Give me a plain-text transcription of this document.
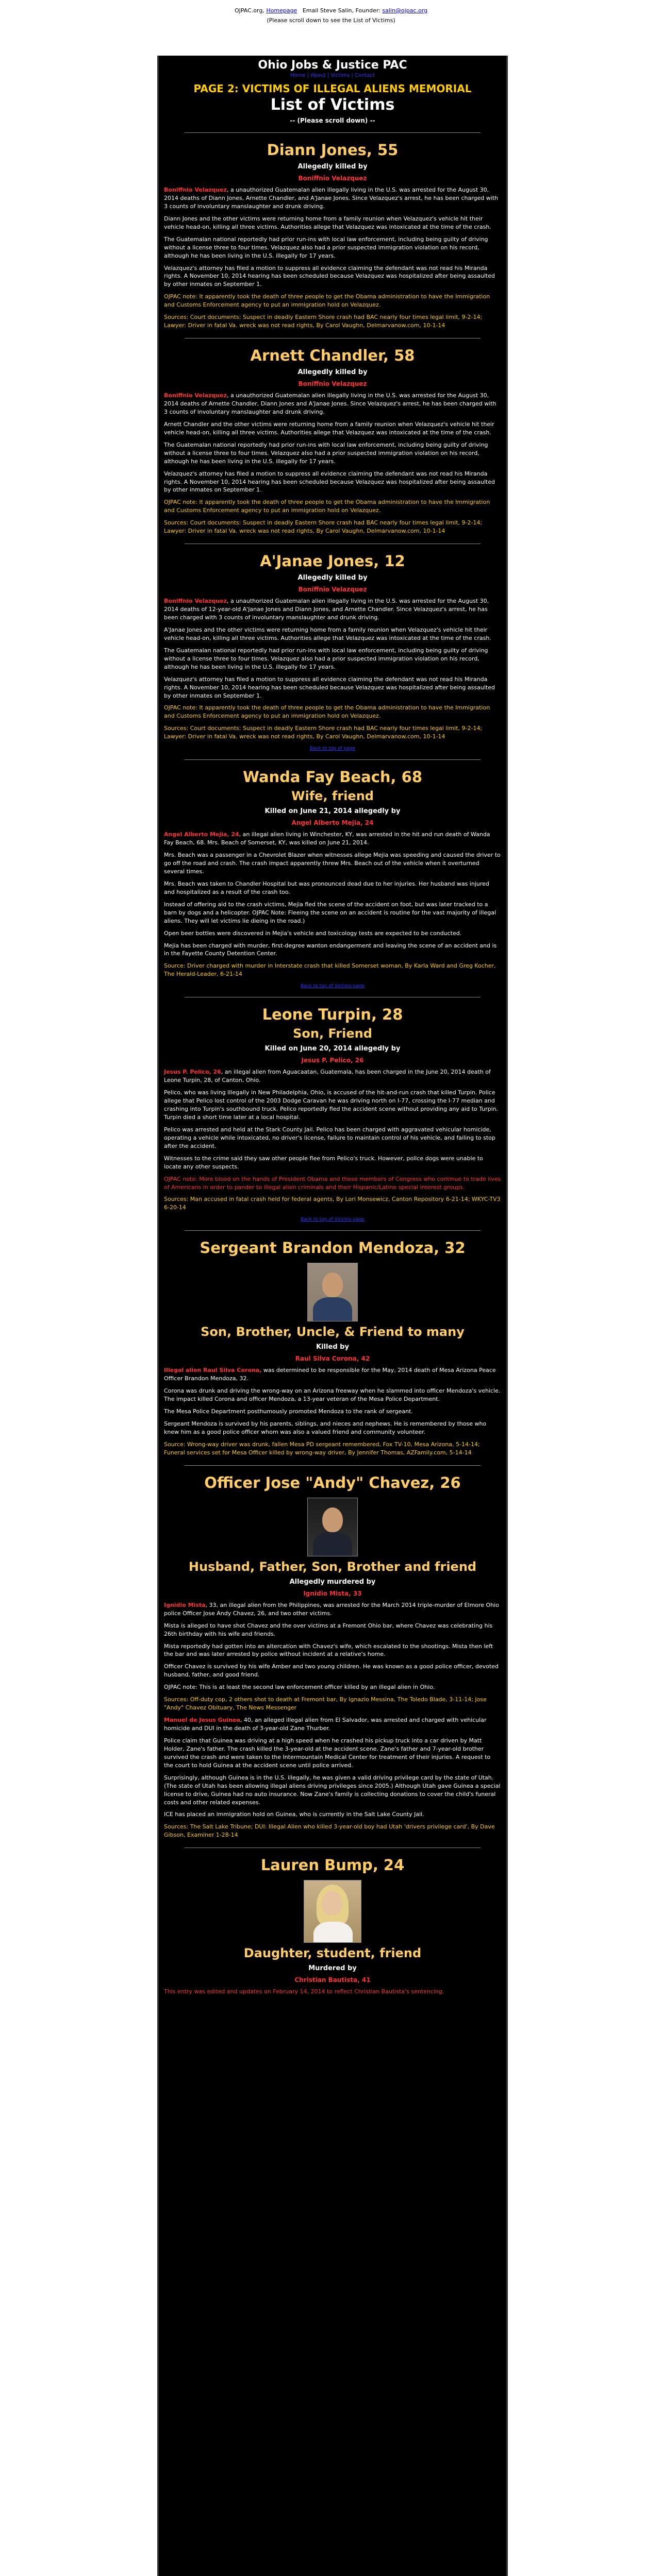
OJPAC.org, Homepage Email Steve Salin, Founder: salin@ojpac.org
(Please scroll down to see the List of Victims)
Ohio Jobs & Justice PAC
Home | About | Victims | Contact
PAGE 2: VICTIMS OF ILLEGAL ALIENS MEMORIAL
List of Victims
-- (Please scroll down) --
Diann Jones, 55
Allegedly killed by
Boniffnio Velazquez

Boniffnio Velazquez, a unauthorized Guatemalan alien illegally living in the U.S. was arrested for the August 30, 2014 deaths of Diann Jones, Arnette Chandler, and A'Janae Jones. Since Velazquez's arrest, he has been charged with 3 counts of involuntary manslaughter and drunk driving.

Diann Jones and the other victims were returning home from a family reunion when Velazquez's vehicle hit their vehicle head-on, killing all three victims. Authorities allege that Velazquez was intoxicated at the time of the crash.

The Guatemalan national reportedly had prior run-ins with local law enforcement, including being guilty of driving without a license three to four times. Velazquez also had a prior suspected immigration violation on his record, although he has been living in the U.S. illegally for 17 years.

Velazquez's attorney has filed a motion to suppress all evidence claiming the defendant was not read his Miranda rights. A November 10, 2014 hearing has been scheduled because Velazquez was hospitalized after being assaulted by other inmates on September 1.

OJPAC note: It apparently took the death of three people to get the Obama administration to have the Immigration and Customs Enforcement agency to put an immigration hold on Velazquez.

Sources: Court documents: Suspect in deadly Eastern Shore crash had BAC nearly four times legal limit, 9-2-14; Lawyer: Driver in fatal Va. wreck was not read rights, By Carol Vaughn, Delmarvanow.com, 10-1-14

Arnett Chandler, 58
Allegedly killed by
Boniffnio Velazquez

Boniffnio Velazquez, a unauthorized Guatemalan alien illegally living in the U.S. was arrested for the August 30, 2014 deaths of Arnette Chandler, Diann Jones and A'Janae Jones. Since Velazquez's arrest, he has been charged with 3 counts of involuntary manslaughter and drunk driving.

Arnett Chandler and the other victims were returning home from a family reunion when Velazquez's vehicle hit their vehicle head-on, killing all three victims. Authorities allege that Velazquez was intoxicated at the time of the crash.

The Guatemalan national reportedly had prior run-ins with local law enforcement, including being guilty of driving without a license three to four times. Velazquez also had a prior suspected immigration violation on his record, although he has been living in the U.S. illegally for 17 years.

Velazquez's attorney has filed a motion to suppress all evidence claiming the defendant was not read his Miranda rights. A November 10, 2014 hearing has been scheduled because Velazquez was hospitalized after being assaulted by other inmates on September 1.

OJPAC note: It apparently took the death of three people to get the Obama administration to have the Immigration and Customs Enforcement agency to put an immigration hold on Velazquez.

Sources: Court documents: Suspect in deadly Eastern Shore crash had BAC nearly four times legal limit, 9-2-14; Lawyer: Driver in fatal Va. wreck was not read rights, By Carol Vaughn, Delmarvanow.com, 10-1-14

A'Janae Jones, 12
Allegedly killed by
Boniffnio Velazquez

Boniffnio Velazquez, a unauthorized Guatemalan alien illegally living in the U.S. was arrested for the August 30, 2014 deaths of 12-year-old A'Janae Jones and Diann Jones, and Arnette Chandler. Since Velazquez's arrest, he has been charged with 3 counts of involuntary manslaughter and drunk driving.

A'Janae Jones and the other victims were returning home from a family reunion when Velazquez's vehicle hit their vehicle head-on, killing all three victims. Authorities allege that Velazquez was intoxicated at the time of the crash.

The Guatemalan national reportedly had prior run-ins with local law enforcement, including being guilty of driving without a license three to four times. Velazquez also had a prior suspected immigration violation on his record, although he has been living in the U.S. illegally for 17 years.

Velazquez's attorney has filed a motion to suppress all evidence claiming the defendant was not read his Miranda rights. A November 10, 2014 hearing has been scheduled because Velazquez was hospitalized after being assaulted by other inmates on September 1.

OJPAC note: It apparently took the death of three people to get the Obama administration to have the Immigration and Customs Enforcement agency to put an immigration hold on Velazquez.

Sources: Court documents: Suspect in deadly Eastern Shore crash had BAC nearly four times legal limit, 9-2-14; Lawyer: Driver in fatal Va. wreck was not read rights, By Carol Vaughn, Delmarvanow.com, 10-1-14

Back to top of page
Wanda Fay Beach, 68
Wife, friend
Killed on June 21, 2014 allegedly by
Angel Alberto Mejia, 24

Angel Alberto Mejia, 24, an illegal alien living in Winchester, KY, was arrested in the hit and run death of Wanda Fay Beach, 68. Mrs. Beach of Somerset, KY, was killed on June 21, 2014.

Mrs. Beach was a passenger in a Chevrolet Blazer when witnesses allege Mejia was speeding and caused the driver to go off the road and crash. The crash impact apparently threw Mrs. Beach out of the vehicle when it overturned several times.

Mrs. Beach was taken to Chandler Hospital but was pronounced dead due to her injuries. Her husband was injured and hospitalized as a result of the crash too.

Instead of offering aid to the crash victims, Mejia fled the scene of the accident on foot, but was later tracked to a barn by dogs and a helicopter. OJPAC Note: Fleeing the scene on an accident is routine for the vast majority of illegal aliens. They will let victims lie dieing in the road.)

Open beer bottles were discovered in Mejia's vehicle and toxicology tests are expected to be conducted.

Mejia has been charged with murder, first-degree wanton endangerment and leaving the scene of an accident and is in the Fayette County Detention Center.

Source: Driver charged with murder in Interstate crash that killed Somerset woman, By Karla Ward and Greg Kocher, The Herald-Leader, 6-21-14

Back to top of Victims page
Leone Turpin, 28
Son, Friend
Killed on June 20, 2014 allegedly by
Jesus P. Pelico, 26

Jesus P. Pelico, 26, an illegal alien from Aguacaatan, Guatemala, has been charged in the June 20, 2014 death of Leone Turpin, 28, of Canton, Ohio.

Pelico, who was living illegally in New Philadelphia, Ohio, is accused of the hit-and-run crash that killed Turpin. Police allege that Pelico lost control of the 2003 Dodge Caravan he was driving north on I-77, crossing the I-77 median and crashing into Turpin's southbound truck. Pelico reportedly fled the accident scene without providing any aid to Turpin. Turpin died a short time later at a local hospital.

Pelico was arrested and held at the Stark County Jail. Pelico has been charged with aggravated vehicular homicide, operating a vehicle while intoxicated, no driver's license, failure to maintain control of his vehicle, and failing to stop after the accident.

Witnesses to the crime said they saw other people flee from Pelico's truck. However, police dogs were unable to locate any other suspects.

OJPAC note: More blood on the hands of President Obama and those members of Congress who continue to trade lives of Americans in order to pander to illegal alien criminals and their Hispanic/Latino special interest groups.

Sources: Man accused in fatal crash held for federal agents, By Lori Monsewicz, Canton Repository 6-21-14; WKYC-TV3 6-20-14

Back to top of Victims page
Sergeant Brandon Mendoza, 32
Son, Brother, Uncle, & Friend to many
Killed by
Raul Silva Corona, 42

Illegal alien Raul Silva Corona, was determined to be responsible for the May, 2014 death of Mesa Arizona Peace Officer Brandon Mendoza, 32.

Corona was drunk and driving the wrong-way on an Arizona freeway when he slammed into officer Mendoza's vehicle. The impact killed Corona and officer Mendoza, a 13-year veteran of the Mesa Police Department.

The Mesa Police Department posthumously promoted Mendoza to the rank of sergeant.

Sergeant Mendoza is survived by his parents, siblings, and nieces and nephews. He is remembered by those who knew him as a good police officer whom was also a valued friend and community volunteer.

Source: Wrong-way driver was drunk, fallen Mesa PD sergeant remembered, Fox TV-10, Mesa Arizona, 5-14-14; Funeral services set for Mesa Officer killed by wrong-way driver, By Jennifer Thomas, AZFamily.com, 5-14-14

Officer Jose "Andy" Chavez, 26
Husband, Father, Son, Brother and friend
Allegedly murdered by
Ignidio Mista, 33

Ignidio Mista, 33, an illegal alien from the Philippines, was arrested for the March 2014 triple-murder of Elmore Ohio police Officer Jose Andy Chavez, 26, and two other victims.

Mista is alleged to have shot Chavez and the over victims at a Fremont Ohio bar, where Chavez was celebrating his 26th birthday with his wife and friends.

Mista reportedly had gotten into an altercation with Chavez's wife, which escalated to the shootings. Mista then left the bar and was later arrested by police without incident at a relative's home.

Officer Chavez is survived by his wife Amber and two young children. He was known as a good police officer, devoted husband, father, and good friend.

OJPAC note: This is at least the second law enforcement officer killed by an illegal alien in Ohio.

Sources: Off-duty cop, 2 others shot to death at Fremont bar, By Ignazio Messina, The Toledo Blade, 3-11-14; Jose "Andy" Chavez Obituary, The News Messenger

Manuel de Jesus Guinea, 40, an alleged illegal alien from El Salvador, was arrested and charged with vehicular homicide and DUI in the death of 3-year-old Zane Thurber.

Police claim that Guinea was driving at a high speed when he crashed his pickup truck into a car driven by Matt Holder, Zane's father. The crash killed the 3-year-old at the accident scene. Zane's father and 7-year-old brother survived the crash and were taken to the Intermountain Medical Center for treatment of their injuries. A request to the court to hold Guinea at the accident scene until police arrived.

Surprisingly, although Guinea is in the U.S. illegally, he was given a valid driving privilege card by the state of Utah. (The state of Utah has been allowing illegal aliens driving privileges since 2005.) Although Utah gave Guinea a special license to drive, Guinea had no auto insurance. Now Zane's family is collecting donations to cover the child's funeral costs and other related expenses.

ICE has placed an immigration hold on Guinea, who is currently in the Salt Lake County Jail.

Sources: The Salt Lake Tribune; DUI: Illegal Alien who killed 3-year-old boy had Utah 'drivers privilege card', By Dave Gibson, Examiner 1-28-14

Lauren Bump, 24
Daughter, student, friend
Murdered by
Christian Bautista, 41

This entry was edited and updates on February 14, 2014 to reflect Christian Bautista's sentencing.
